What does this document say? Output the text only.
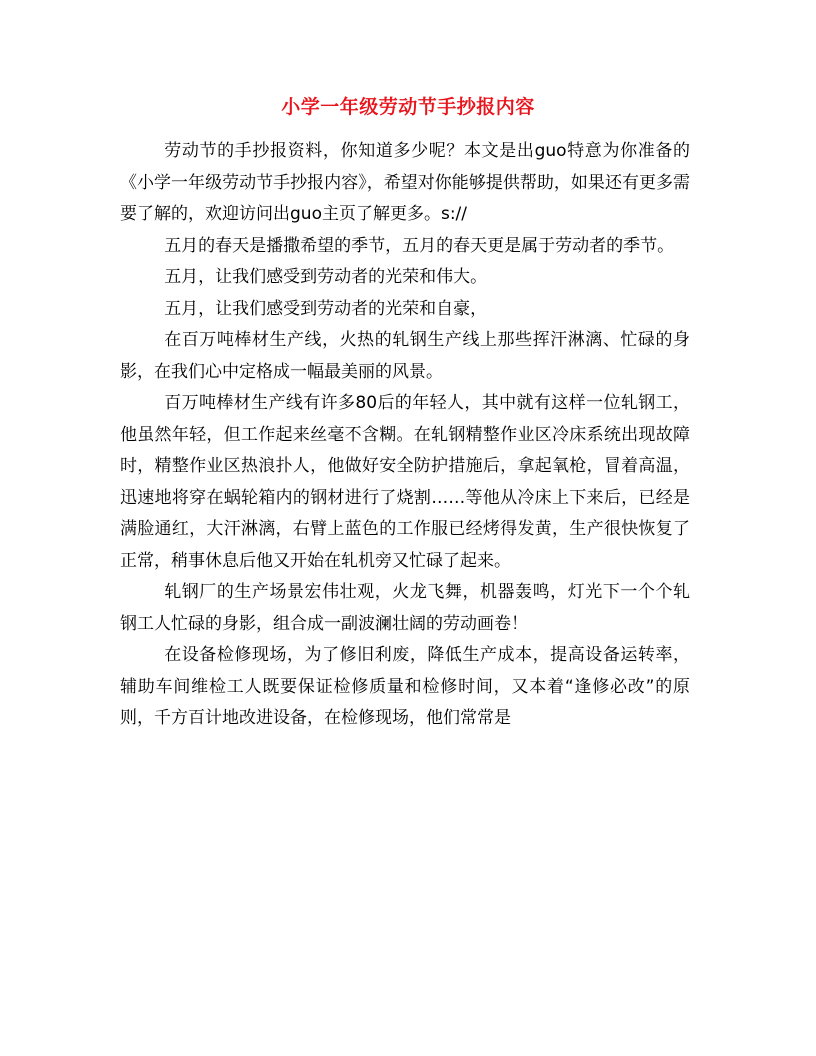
小学一年级劳动节手抄报内容

劳动节的手抄报资料，你知道多少呢？本文是出guo特意为你准备的《小学一年级劳动节手抄报内容》，希望对你能够提供帮助，如果还有更多需要了解的，欢迎访问出guo主页了解更多。s://

五月的春天是播撒希望的季节，五月的春天更是属于劳动者的季节。

五月，让我们感受到劳动者的光荣和伟大。

五月，让我们感受到劳动者的光荣和自豪，

在百万吨棒材生产线，火热的轧钢生产线上那些挥汗淋漓、忙碌的身影，在我们心中定格成一幅最美丽的风景。

百万吨棒材生产线有许多80后的年轻人，其中就有这样一位轧钢工，他虽然年轻，但工作起来丝毫不含糊。在轧钢精整作业区冷床系统出现故障时，精整作业区热浪扑人，他做好安全防护措施后，拿起氧枪，冒着高温，迅速地将穿在蜗轮箱内的钢材进行了烧割……等他从冷床上下来后，已经是满脸通红，大汗淋漓，右臂上蓝色的工作服已经烤得发黄，生产很快恢复了正常，稍事休息后他又开始在轧机旁又忙碌了起来。

轧钢厂的生产场景宏伟壮观，火龙飞舞，机器轰鸣，灯光下一个个轧钢工人忙碌的身影，组合成一副波澜壮阔的劳动画卷！

在设备检修现场，为了修旧利废，降低生产成本，提高设备运转率，辅助车间维检工人既要保证检修质量和检修时间，又本着“逢修必改”的原则，千方百计地改进设备，在检修现场，他们常常是
